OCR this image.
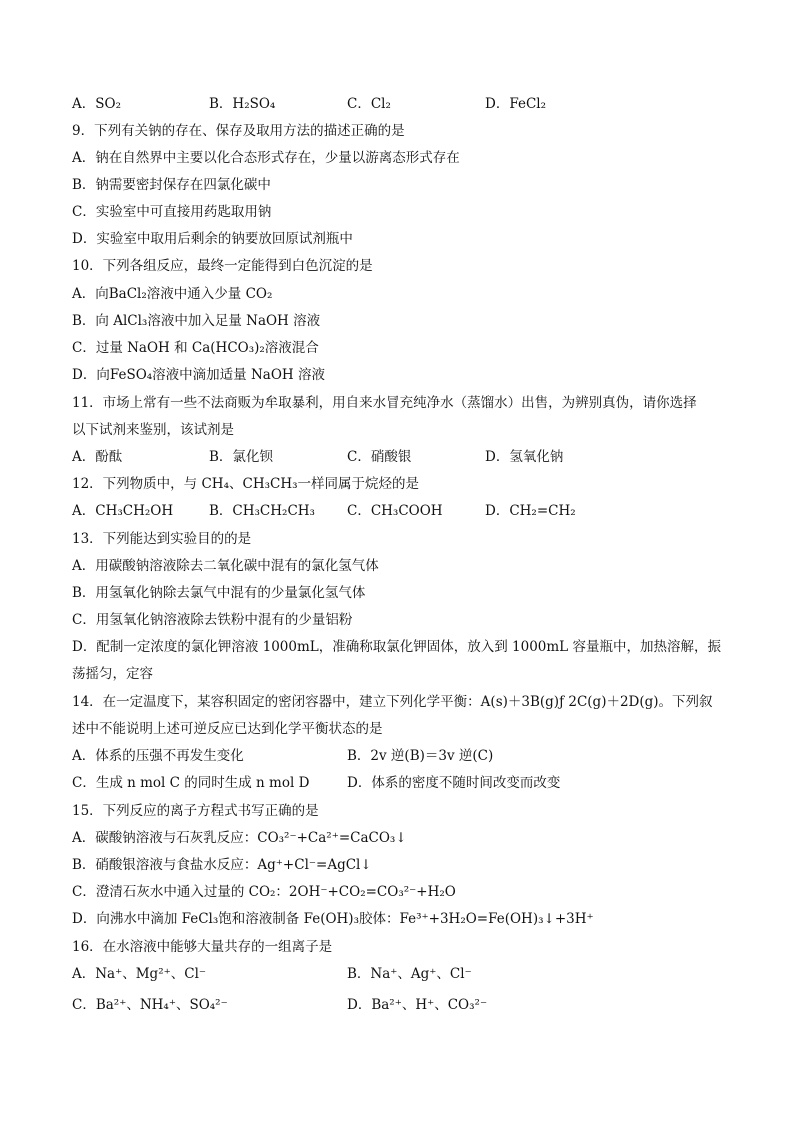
A．SO₂	B．H₂SO₄	C．Cl₂	D．FeCl₂
9．下列有关钠的存在、保存及取用方法的描述正确的是
A．钠在自然界中主要以化合态形式存在，少量以游离态形式存在
B．钠需要密封保存在四氯化碳中
C．实验室中可直接用药匙取用钠
D．实验室中取用后剩余的钠要放回原试剂瓶中
10．下列各组反应，最终一定能得到白色沉淀的是
A．向BaCl₂溶液中通入少量 CO₂
B．向 AlCl₃溶液中加入足量 NaOH 溶液
C．过量 NaOH 和 Ca(HCO₃)₂溶液混合
D．向FeSO₄溶液中滴加适量 NaOH 溶液
11．市场上常有一些不法商贩为牟取暴利，用自来水冒充纯净水（蒸馏水）出售，为辨别真伪，请你选择
以下试剂来鉴别，该试剂是
A．酚酞	B．氯化钡	C．硝酸银	D．氢氧化钠
12．下列物质中，与 CH₄、CH₃CH₃一样同属于烷烃的是
A．CH₃CH₂OH	B．CH₃CH₂CH₃ C．CH₃COOH	D．CH₂=CH₂
13．下列能达到实验目的的是
A．用碳酸钠溶液除去二氧化碳中混有的氯化氢气体
B．用氢氧化钠除去氯气中混有的少量氯化氢气体
C．用氢氧化钠溶液除去铁粉中混有的少量铝粉
D．配制一定浓度的氯化钾溶液 1000mL，准确称取氯化钾固体，放入到 1000mL 容量瓶中，加热溶解，振
荡摇匀，定容
14．在一定温度下，某容积固定的密闭容器中，建立下列化学平衡：A(s)＋3B(g)ƒ 2C(g)＋2D(g)。下列叙
述中不能说明上述可逆反应已达到化学平衡状态的是
A．体系的压强不再发生变化	B．2v 逆(B)＝3v 逆(C)
C．生成 n mol C 的同时生成 n mol D	D．体系的密度不随时间改变而改变
15．下列反应的离子方程式书写正确的是
A．碳酸钠溶液与石灰乳反应：CO₃²⁻+Ca²⁺=CaCO₃↓
B．硝酸银溶液与食盐水反应：Ag⁺+Cl⁻=AgCl↓
C．澄清石灰水中通入过量的 CO₂：2OH⁻+CO₂=CO₃²⁻+H₂O
D．向沸水中滴加 FeCl₃饱和溶液制备 Fe(OH)₃胶体：Fe³⁺+3H₂O=Fe(OH)₃↓+3H⁺
16．在水溶液中能够大量共存的一组离子是
A．Na⁺、Mg²⁺、Cl⁻	B．Na⁺、Ag⁺、Cl⁻
C．Ba²⁺、NH₄⁺、SO₄²⁻	D．Ba²⁺、H⁺、CO₃²⁻
